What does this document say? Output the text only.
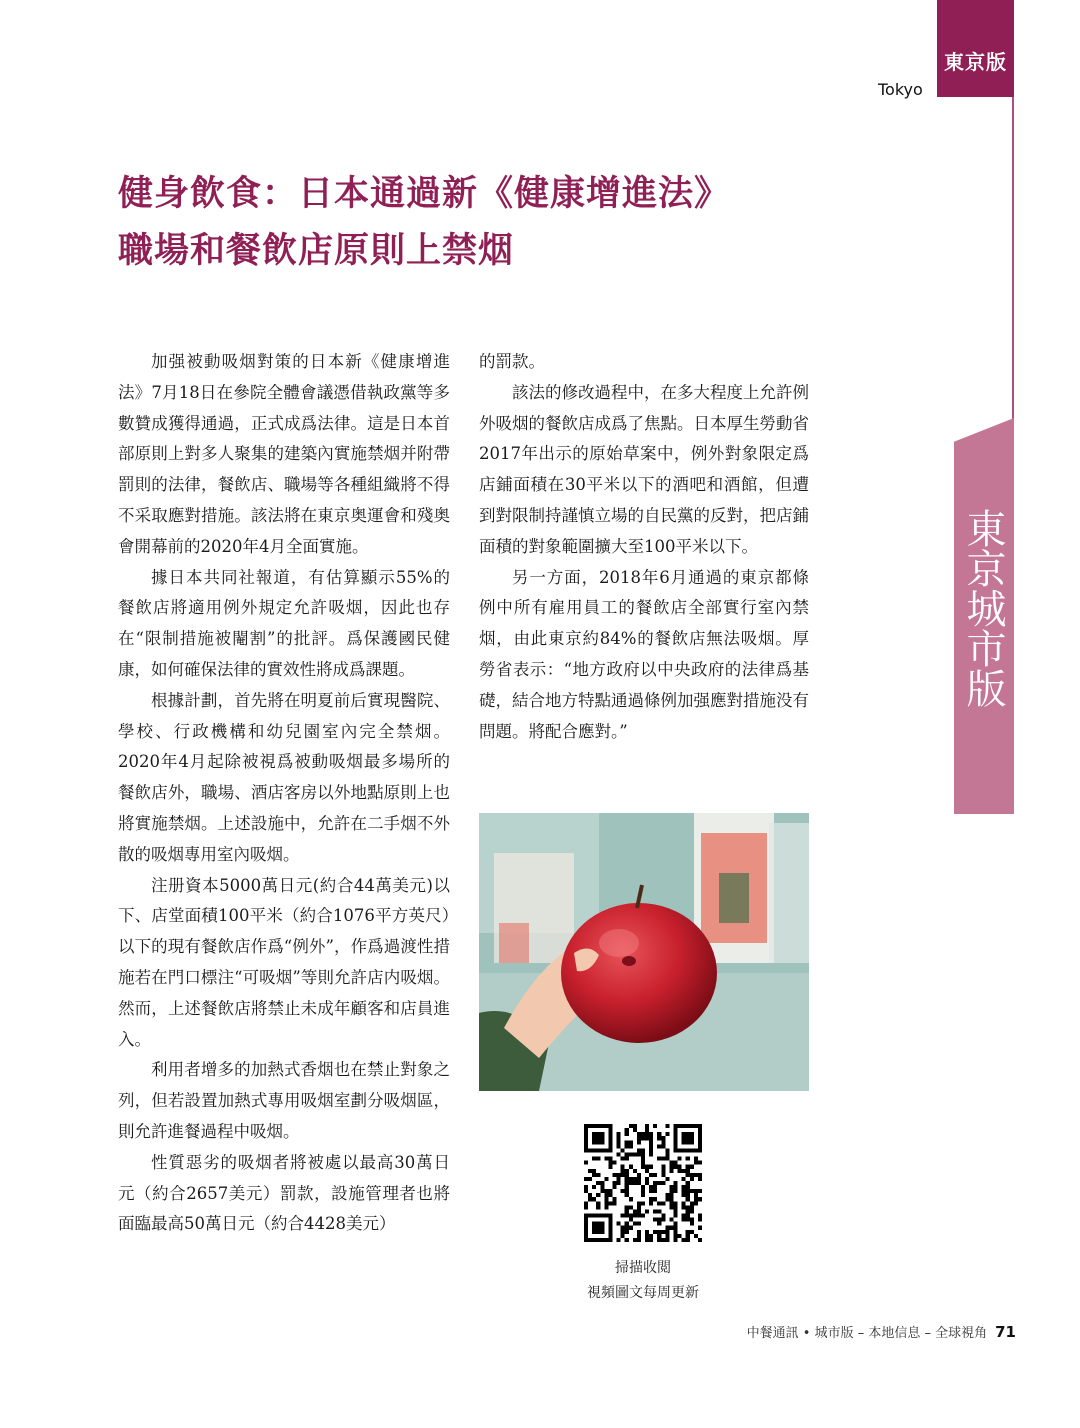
東京版
Tokyo
健身飲食：日本通過新《健康增進法》
職場和餐飲店原則上禁烟

加强被動吸烟對策的日本新《健康增進法》7月18日在參院全體會議憑借執政黨等多數贊成獲得通過，正式成爲法律。這是日本首部原則上對多人聚集的建築內實施禁烟并附帶罰則的法律，餐飲店、職場等各種組織將不得不采取應對措施。該法將在東京奥運會和殘奥會開幕前的2020年4月全面實施。

據日本共同社報道，有估算顯示55%的餐飲店將適用例外規定允許吸烟，因此也存在“限制措施被閹割”的批評。爲保護國民健康，如何確保法律的實效性將成爲課題。

根據計劃，首先將在明夏前后實現醫院、學校、行政機構和幼兒園室內完全禁烟。2020年4月起除被視爲被動吸烟最多場所的餐飲店外，職場、酒店客房以外地點原則上也將實施禁烟。上述設施中，允許在二手烟不外散的吸烟專用室內吸烟。

注册資本5000萬日元(約合44萬美元)以下、店堂面積100平米（約合1076平方英尺）以下的現有餐飲店作爲“例外”，作爲過渡性措施若在門口標注“可吸烟”等則允許店内吸烟。然而，上述餐飲店將禁止未成年顧客和店員進入。

利用者增多的加熱式香烟也在禁止對象之列，但若設置加熱式專用吸烟室劃分吸烟區，則允許進餐過程中吸烟。

性質惡劣的吸烟者將被處以最高30萬日元（約合2657美元）罰款，設施管理者也將面臨最高50萬日元（約合4428美元）

的罰款。

該法的修改過程中，在多大程度上允許例外吸烟的餐飲店成爲了焦點。日本厚生勞動省2017年出示的原始草案中，例外對象限定爲店鋪面積在30平米以下的酒吧和酒館，但遭到對限制持謹慎立場的自民黨的反對，把店鋪面積的對象範圍擴大至100平米以下。

另一方面，2018年6月通過的東京都條例中所有雇用員工的餐飲店全部實行室內禁烟，由此東京約84%的餐飲店無法吸烟。厚勞省表示：“地方政府以中央政府的法律爲基礎，結合地方特點通過條例加强應對措施没有問題。將配合應對。”

東京城市版
掃描收閲
視頻圖文每周更新
中餐通訊 • 城市版 – 本地信息 – 全球視角 71
